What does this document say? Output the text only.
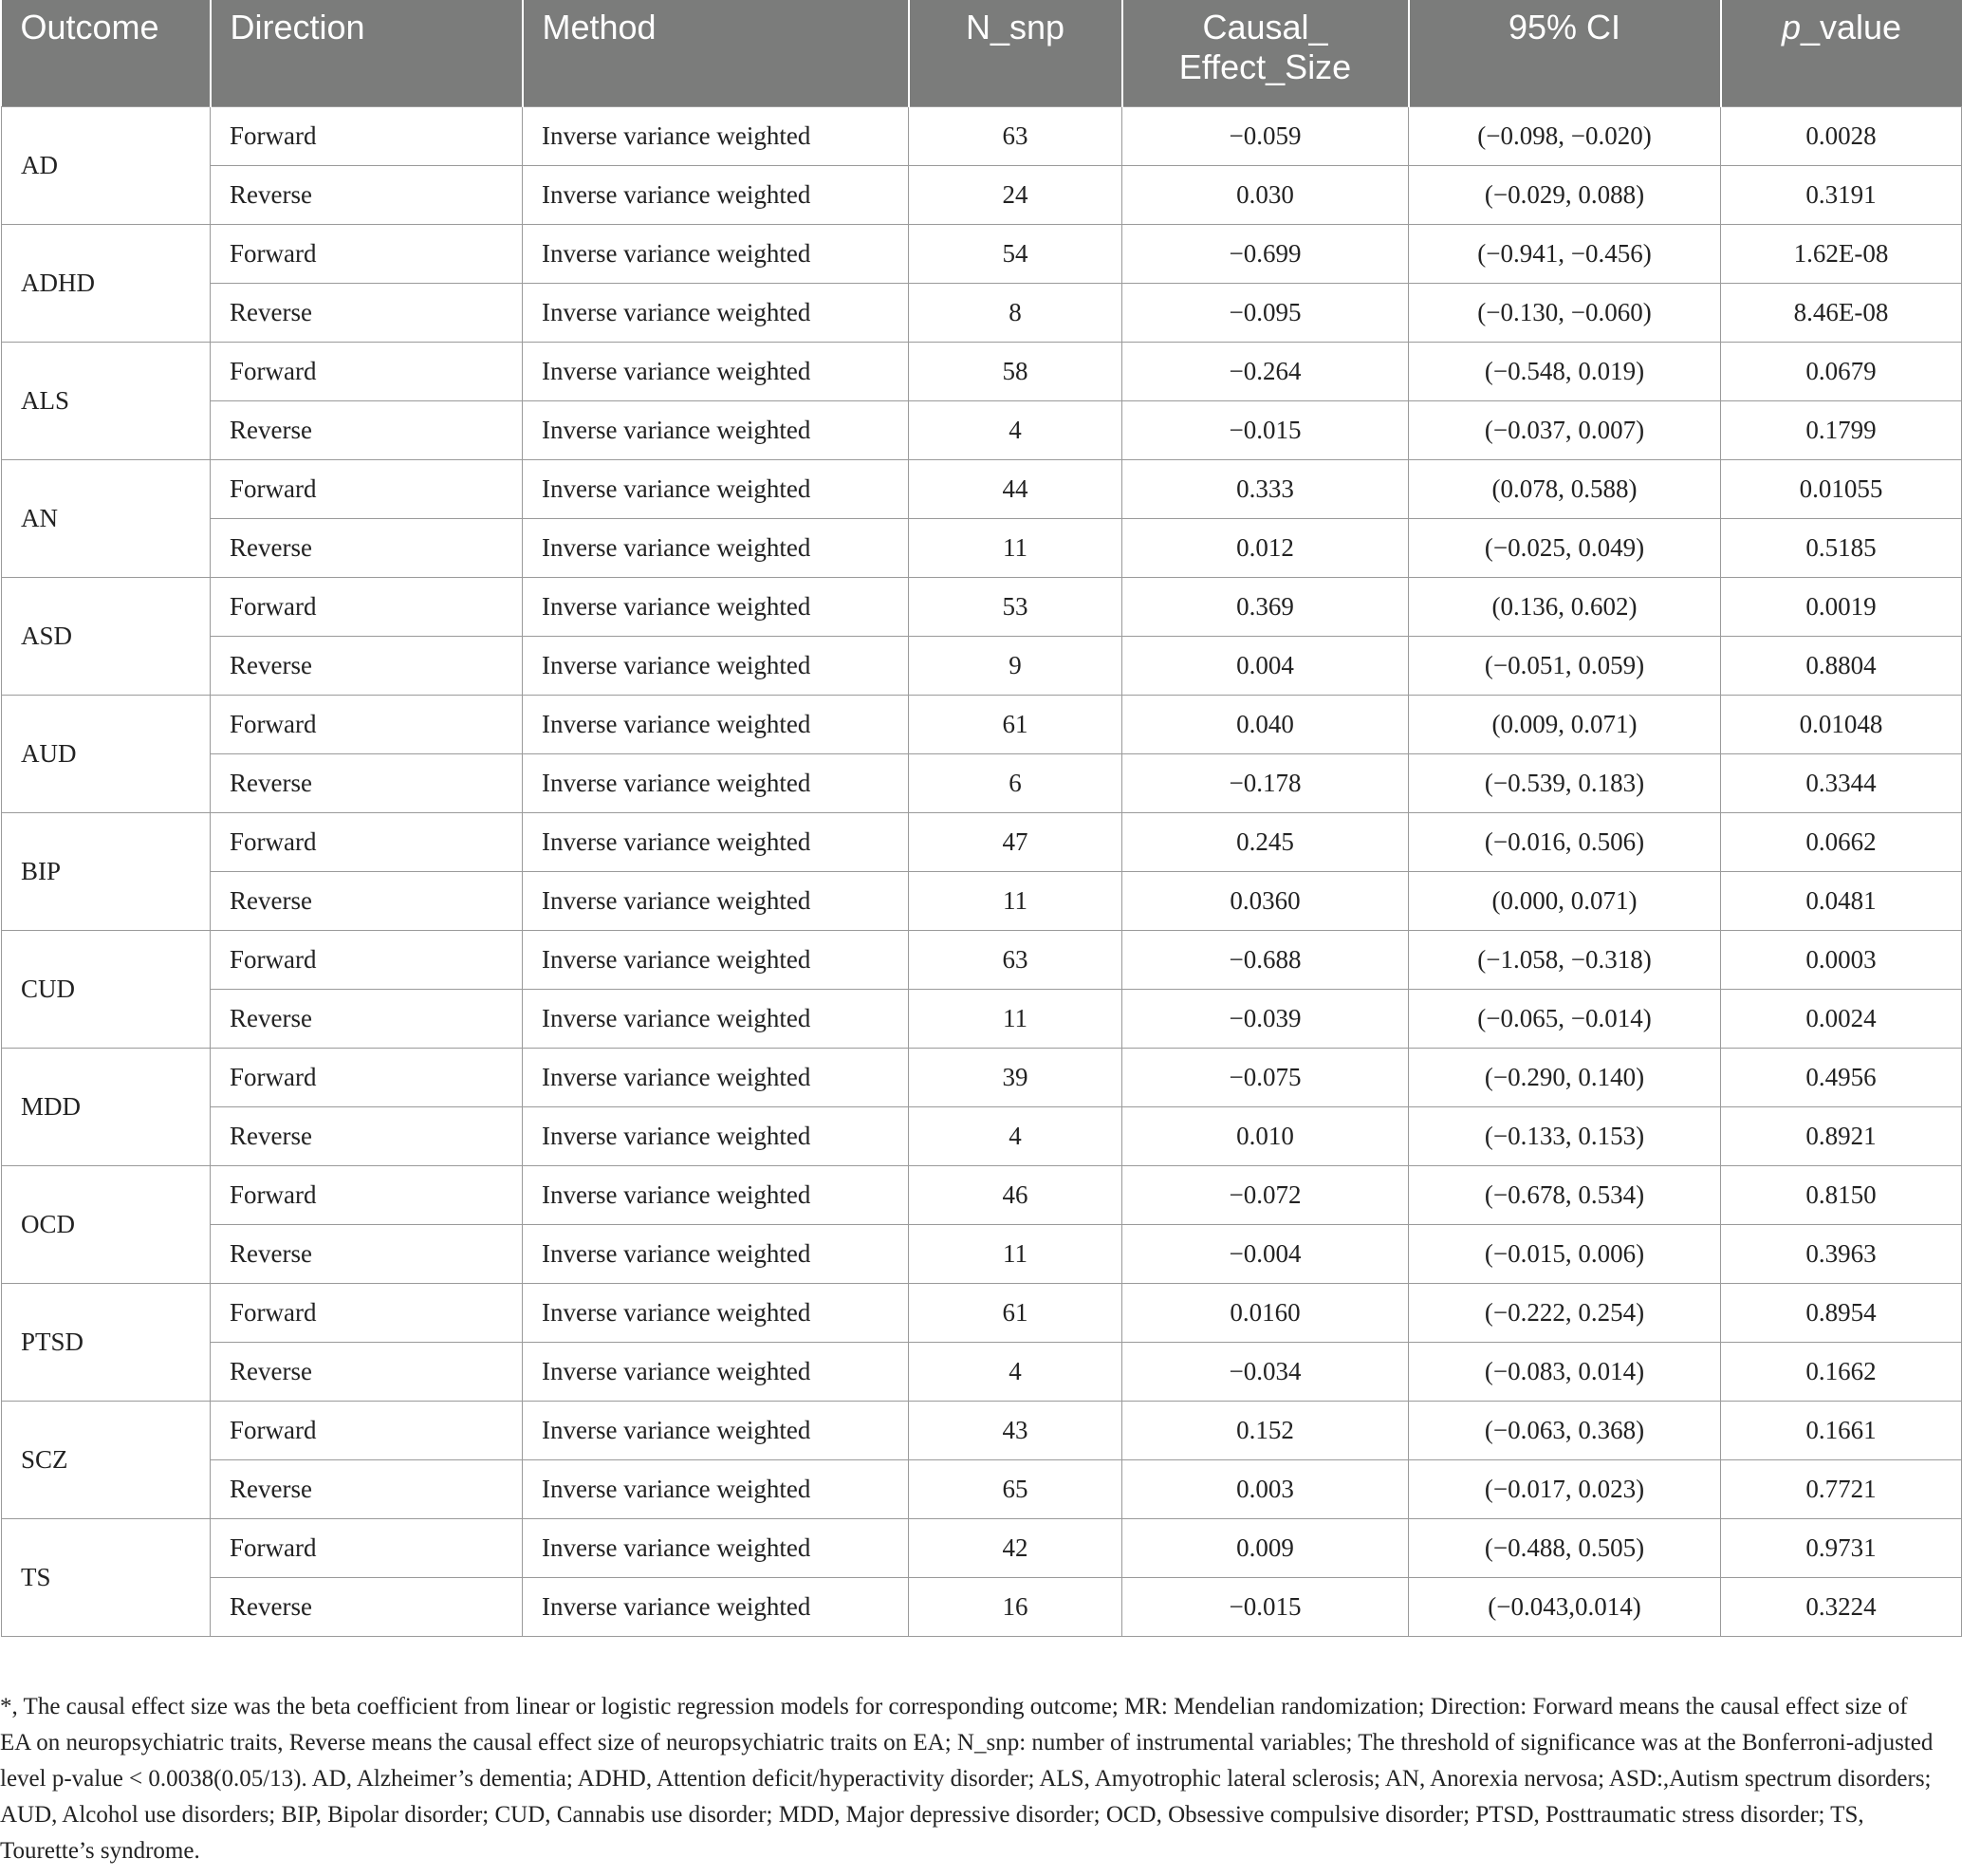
Outcome	Direction	Method	N_snp	Causal_
Effect_Size	95% CI	p_value
AD	Forward	Inverse variance weighted	63	−0.059	(−0.098, −0.020)	0.0028
	Reverse	Inverse variance weighted	24	0.030	(−0.029, 0.088)	0.3191
ADHD	Forward	Inverse variance weighted	54	−0.699	(−0.941, −0.456)	1.62E-08
	Reverse	Inverse variance weighted	8	−0.095	(−0.130, −0.060)	8.46E-08
ALS	Forward	Inverse variance weighted	58	−0.264	(−0.548, 0.019)	0.0679
	Reverse	Inverse variance weighted	4	−0.015	(−0.037, 0.007)	0.1799
AN	Forward	Inverse variance weighted	44	0.333	(0.078, 0.588)	0.01055
	Reverse	Inverse variance weighted	11	0.012	(−0.025, 0.049)	0.5185
ASD	Forward	Inverse variance weighted	53	0.369	(0.136, 0.602)	0.0019
	Reverse	Inverse variance weighted	9	0.004	(−0.051, 0.059)	0.8804
AUD	Forward	Inverse variance weighted	61	0.040	(0.009, 0.071)	0.01048
	Reverse	Inverse variance weighted	6	−0.178	(−0.539, 0.183)	0.3344
BIP	Forward	Inverse variance weighted	47	0.245	(−0.016, 0.506)	0.0662
	Reverse	Inverse variance weighted	11	0.0360	(0.000, 0.071)	0.0481
CUD	Forward	Inverse variance weighted	63	−0.688	(−1.058, −0.318)	0.0003
	Reverse	Inverse variance weighted	11	−0.039	(−0.065, −0.014)	0.0024
MDD	Forward	Inverse variance weighted	39	−0.075	(−0.290, 0.140)	0.4956
	Reverse	Inverse variance weighted	4	0.010	(−0.133, 0.153)	0.8921
OCD	Forward	Inverse variance weighted	46	−0.072	(−0.678, 0.534)	0.8150
	Reverse	Inverse variance weighted	11	−0.004	(−0.015, 0.006)	0.3963
PTSD	Forward	Inverse variance weighted	61	0.0160	(−0.222, 0.254)	0.8954
	Reverse	Inverse variance weighted	4	−0.034	(−0.083, 0.014)	0.1662
SCZ	Forward	Inverse variance weighted	43	0.152	(−0.063, 0.368)	0.1661
	Reverse	Inverse variance weighted	65	0.003	(−0.017, 0.023)	0.7721
TS	Forward	Inverse variance weighted	42	0.009	(−0.488, 0.505)	0.9731
	Reverse	Inverse variance weighted	16	−0.015	(−0.043,0.014)	0.3224
*, The causal effect size was the beta coefficient from linear or logistic regression models for corresponding outcome; MR: Mendelian randomization; Direction: Forward means the causal effect size of EA on neuropsychiatric traits, Reverse means the causal effect size of neuropsychiatric traits on EA; N_snp: number of instrumental variables; The threshold of significance was at the Bonferroni-adjusted level p-value < 0.0038(0.05/13). AD, Alzheimer’s dementia; ADHD, Attention deficit/hyperactivity disorder; ALS, Amyotrophic lateral sclerosis; AN, Anorexia nervosa; ASD:,Autism spectrum disorders; AUD, Alcohol use disorders; BIP, Bipolar disorder; CUD, Cannabis use disorder; MDD, Major depressive disorder; OCD, Obsessive compulsive disorder; PTSD, Posttraumatic stress disorder; TS, Tourette’s syndrome.
